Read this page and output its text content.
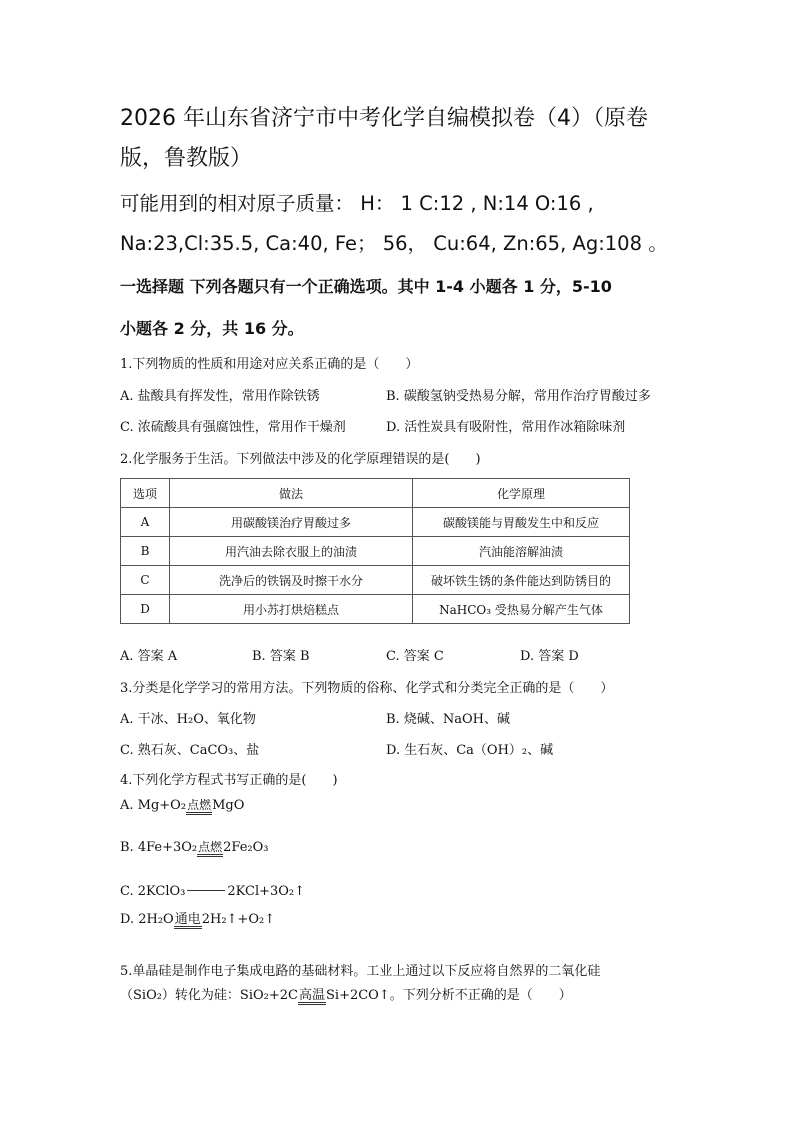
2026 年山东省济宁市中考化学自编模拟卷（4）（原卷
版，鲁教版）
可能用到的相对原子质量： H： 1 C:12 , N:14 O:16 ,
Na:23,Cl:35.5, Ca:40, Fe； 56， Cu:64, Zn:65, Ag:108 。
一选择题 下列各题只有一个正确选项。其中 1-4 小题各 1 分，5-10
小题各 2 分，共 16 分。
1.下列物质的性质和用途对应关系正确的是（　　）
A. 盐酸具有挥发性，常用作除铁锈	B. 碳酸氢钠受热易分解，常用作治疗胃酸过多
C. 浓硫酸具有强腐蚀性，常用作干燥剂	D. 活性炭具有吸附性，常用作冰箱除味剂
2.化学服务于生活。下列做法中涉及的化学原理错误的是(　　)
选项	做法	化学原理
A	用碳酸镁治疗胃酸过多	碳酸镁能与胃酸发生中和反应
B	用汽油去除衣服上的油渍	汽油能溶解油渍
C	洗净后的铁锅及时擦干水分	破坏铁生锈的条件能达到防锈目的
D	用小苏打烘焙糕点	NaHCO₃ 受热易分解产生气体
A. 答案 A	B. 答案 B	C. 答案 C	D. 答案 D
3.分类是化学学习的常用方法。下列物质的俗称、化学式和分类完全正确的是（　　）
A. 干冰、H₂O、氧化物	B. 烧碱、NaOH、碱
C. 熟石灰、CaCO₃、盐	D. 生石灰、Ca（OH）₂、碱
4.下列化学方程式书写正确的是(　　)
A. Mg+O₂ 点燃 MgO
B. 4Fe+3O₂ 点燃 2Fe₂O₃
C. 2KClO₃	2KCl+3O₂↑
D. 2H₂O 通电 2H₂↑+O₂↑
5.单晶硅是制作电子集成电路的基础材料。工业上通过以下反应将自然界的二氧化硅
（SiO₂）转化为硅：SiO₂+2C 高温 Si+2CO↑。下列分析不正确的是（　　）
